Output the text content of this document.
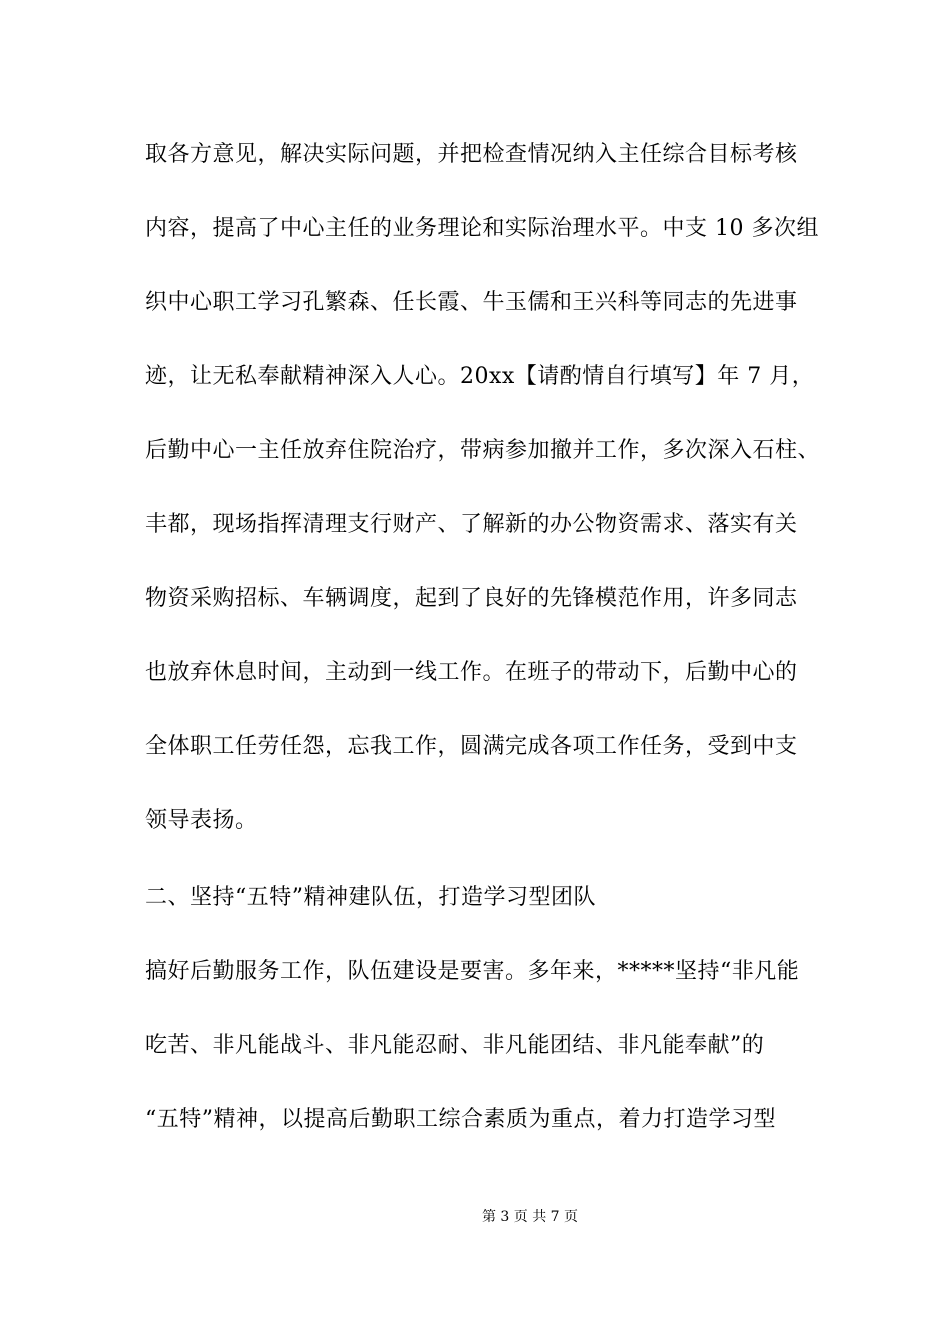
取各方意见，解决实际问题，并把检查情况纳入主任综合目标考核
内容，提高了中心主任的业务理论和实际治理水平。中支 10 多次组
织中心职工学习孔繁森、任长霞、牛玉儒和王兴科等同志的先进事
迹，让无私奉献精神深入人心。20xx【请酌情自行填写】年 7 月，
后勤中心一主任放弃住院治疗，带病参加撤并工作，多次深入石柱、
丰都，现场指挥清理支行财产、了解新的办公物资需求、落实有关
物资采购招标、车辆调度，起到了良好的先锋模范作用，许多同志
也放弃休息时间，主动到一线工作。在班子的带动下，后勤中心的
全体职工任劳任怨，忘我工作，圆满完成各项工作任务，受到中支
领导表扬。
二、坚持“五特”精神建队伍，打造学习型团队
搞好后勤服务工作，队伍建设是要害。多年来，*****坚持“非凡能
吃苦、非凡能战斗、非凡能忍耐、非凡能团结、非凡能奉献”的
“五特”精神，以提高后勤职工综合素质为重点，着力打造学习型
第 3 页 共 7 页
